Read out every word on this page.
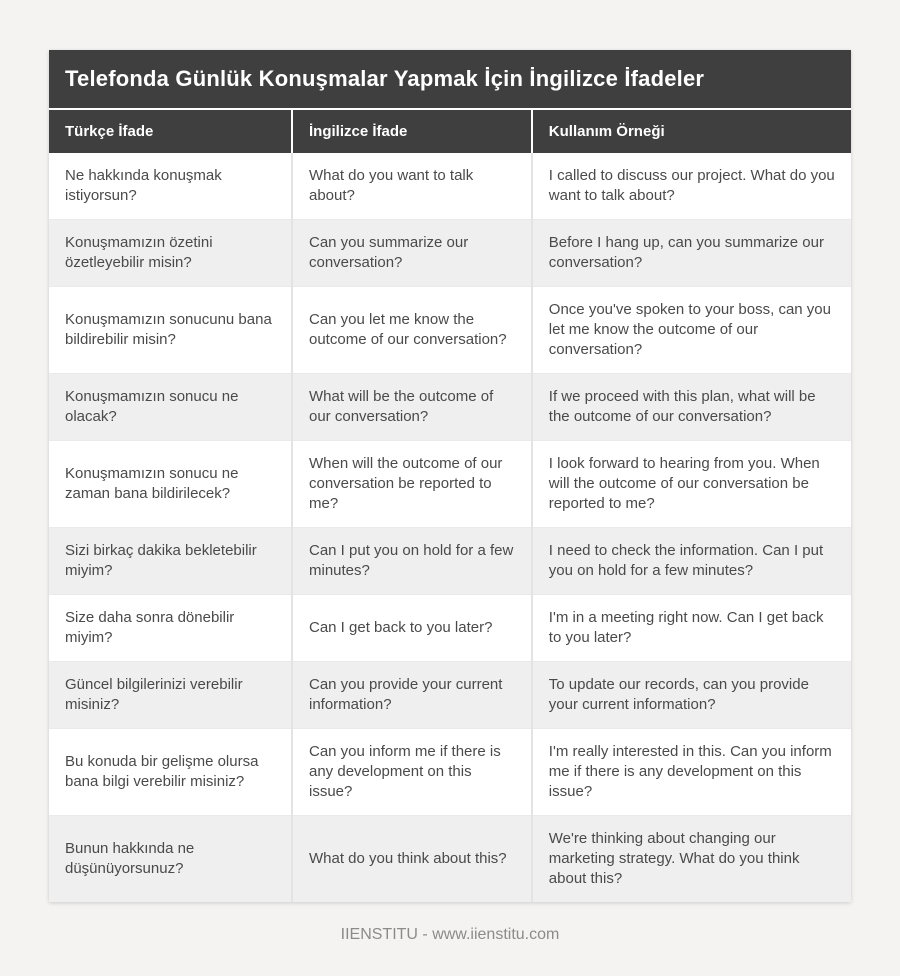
Telefonda Günlük Konuşmalar Yapmak İçin İngilizce İfadeler
Türkçe İfade	İngilizce İfade	Kullanım Örneği
Ne hakkında konuşmak istiyorsun?	What do you want to talk about?	I called to discuss our project. What do you want to talk about?
Konuşmamızın özetini özetleyebilir misin?	Can you summarize our conversation?	Before I hang up, can you summarize our conversation?
Konuşmamızın sonucunu bana bildirebilir misin?	Can you let me know the outcome of our conversation?	Once you've spoken to your boss, can you let me know the outcome of our conversation?
Konuşmamızın sonucu ne olacak?	What will be the outcome of our conversation?	If we proceed with this plan, what will be the outcome of our conversation?
Konuşmamızın sonucu ne zaman bana bildirilecek?	When will the outcome of our conversation be reported to me?	I look forward to hearing from you. When will the outcome of our conversation be reported to me?
Sizi birkaç dakika bekletebilir miyim?	Can I put you on hold for a few minutes?	I need to check the information. Can I put you on hold for a few minutes?
Size daha sonra dönebilir miyim?	Can I get back to you later?	I'm in a meeting right now. Can I get back to you later?
Güncel bilgilerinizi verebilir misiniz?	Can you provide your current information?	To update our records, can you provide your current information?
Bu konuda bir gelişme olursa bana bilgi verebilir misiniz?	Can you inform me if there is any development on this issue?	I'm really interested in this. Can you inform me if there is any development on this issue?
Bunun hakkında ne düşünüyorsunuz?	What do you think about this?	We're thinking about changing our marketing strategy. What do you think about this?
IIENSTITU - www.iienstitu.com
